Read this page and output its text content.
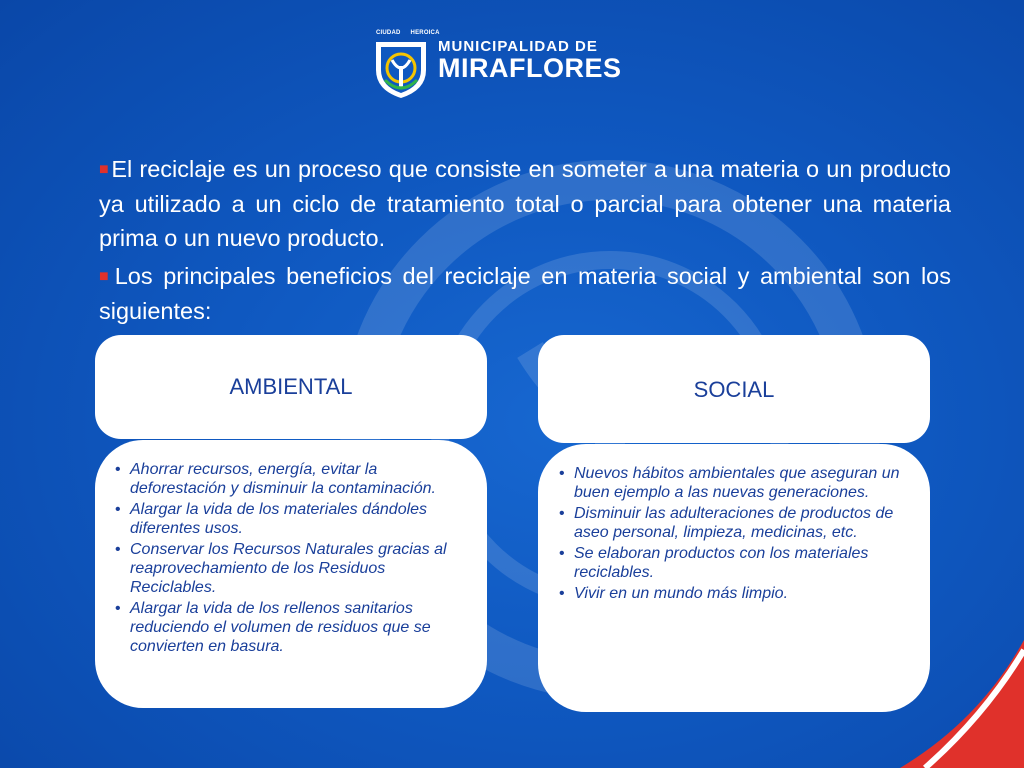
CIUDAD HEROICA
MUNICIPALIDAD DE
MIRAFLORES

■El reciclaje es un proceso que consiste en someter a una materia o un producto ya utilizado a un ciclo de tratamiento total o parcial para obtener una materia prima o un nuevo producto.

■Los principales beneficios del reciclaje en materia social y ambiental son los siguientes:

AMBIENTAL
• Ahorrar recursos, energía, evitar la deforestación y disminuir la contaminación.
• Alargar la vida de los materiales dándoles diferentes usos.
• Conservar los Recursos Naturales gracias al reaprovechamiento de los Residuos Reciclables.
• Alargar la vida de los rellenos sanitarios reduciendo el volumen de residuos que se convierten en basura.
SOCIAL
• Nuevos hábitos ambientales que aseguran un buen ejemplo a las nuevas generaciones.
• Disminuir las adulteraciones de productos de aseo personal, limpieza, medicinas, etc.
• Se elaboran productos con los materiales reciclables.
• Vivir en un mundo más limpio.
